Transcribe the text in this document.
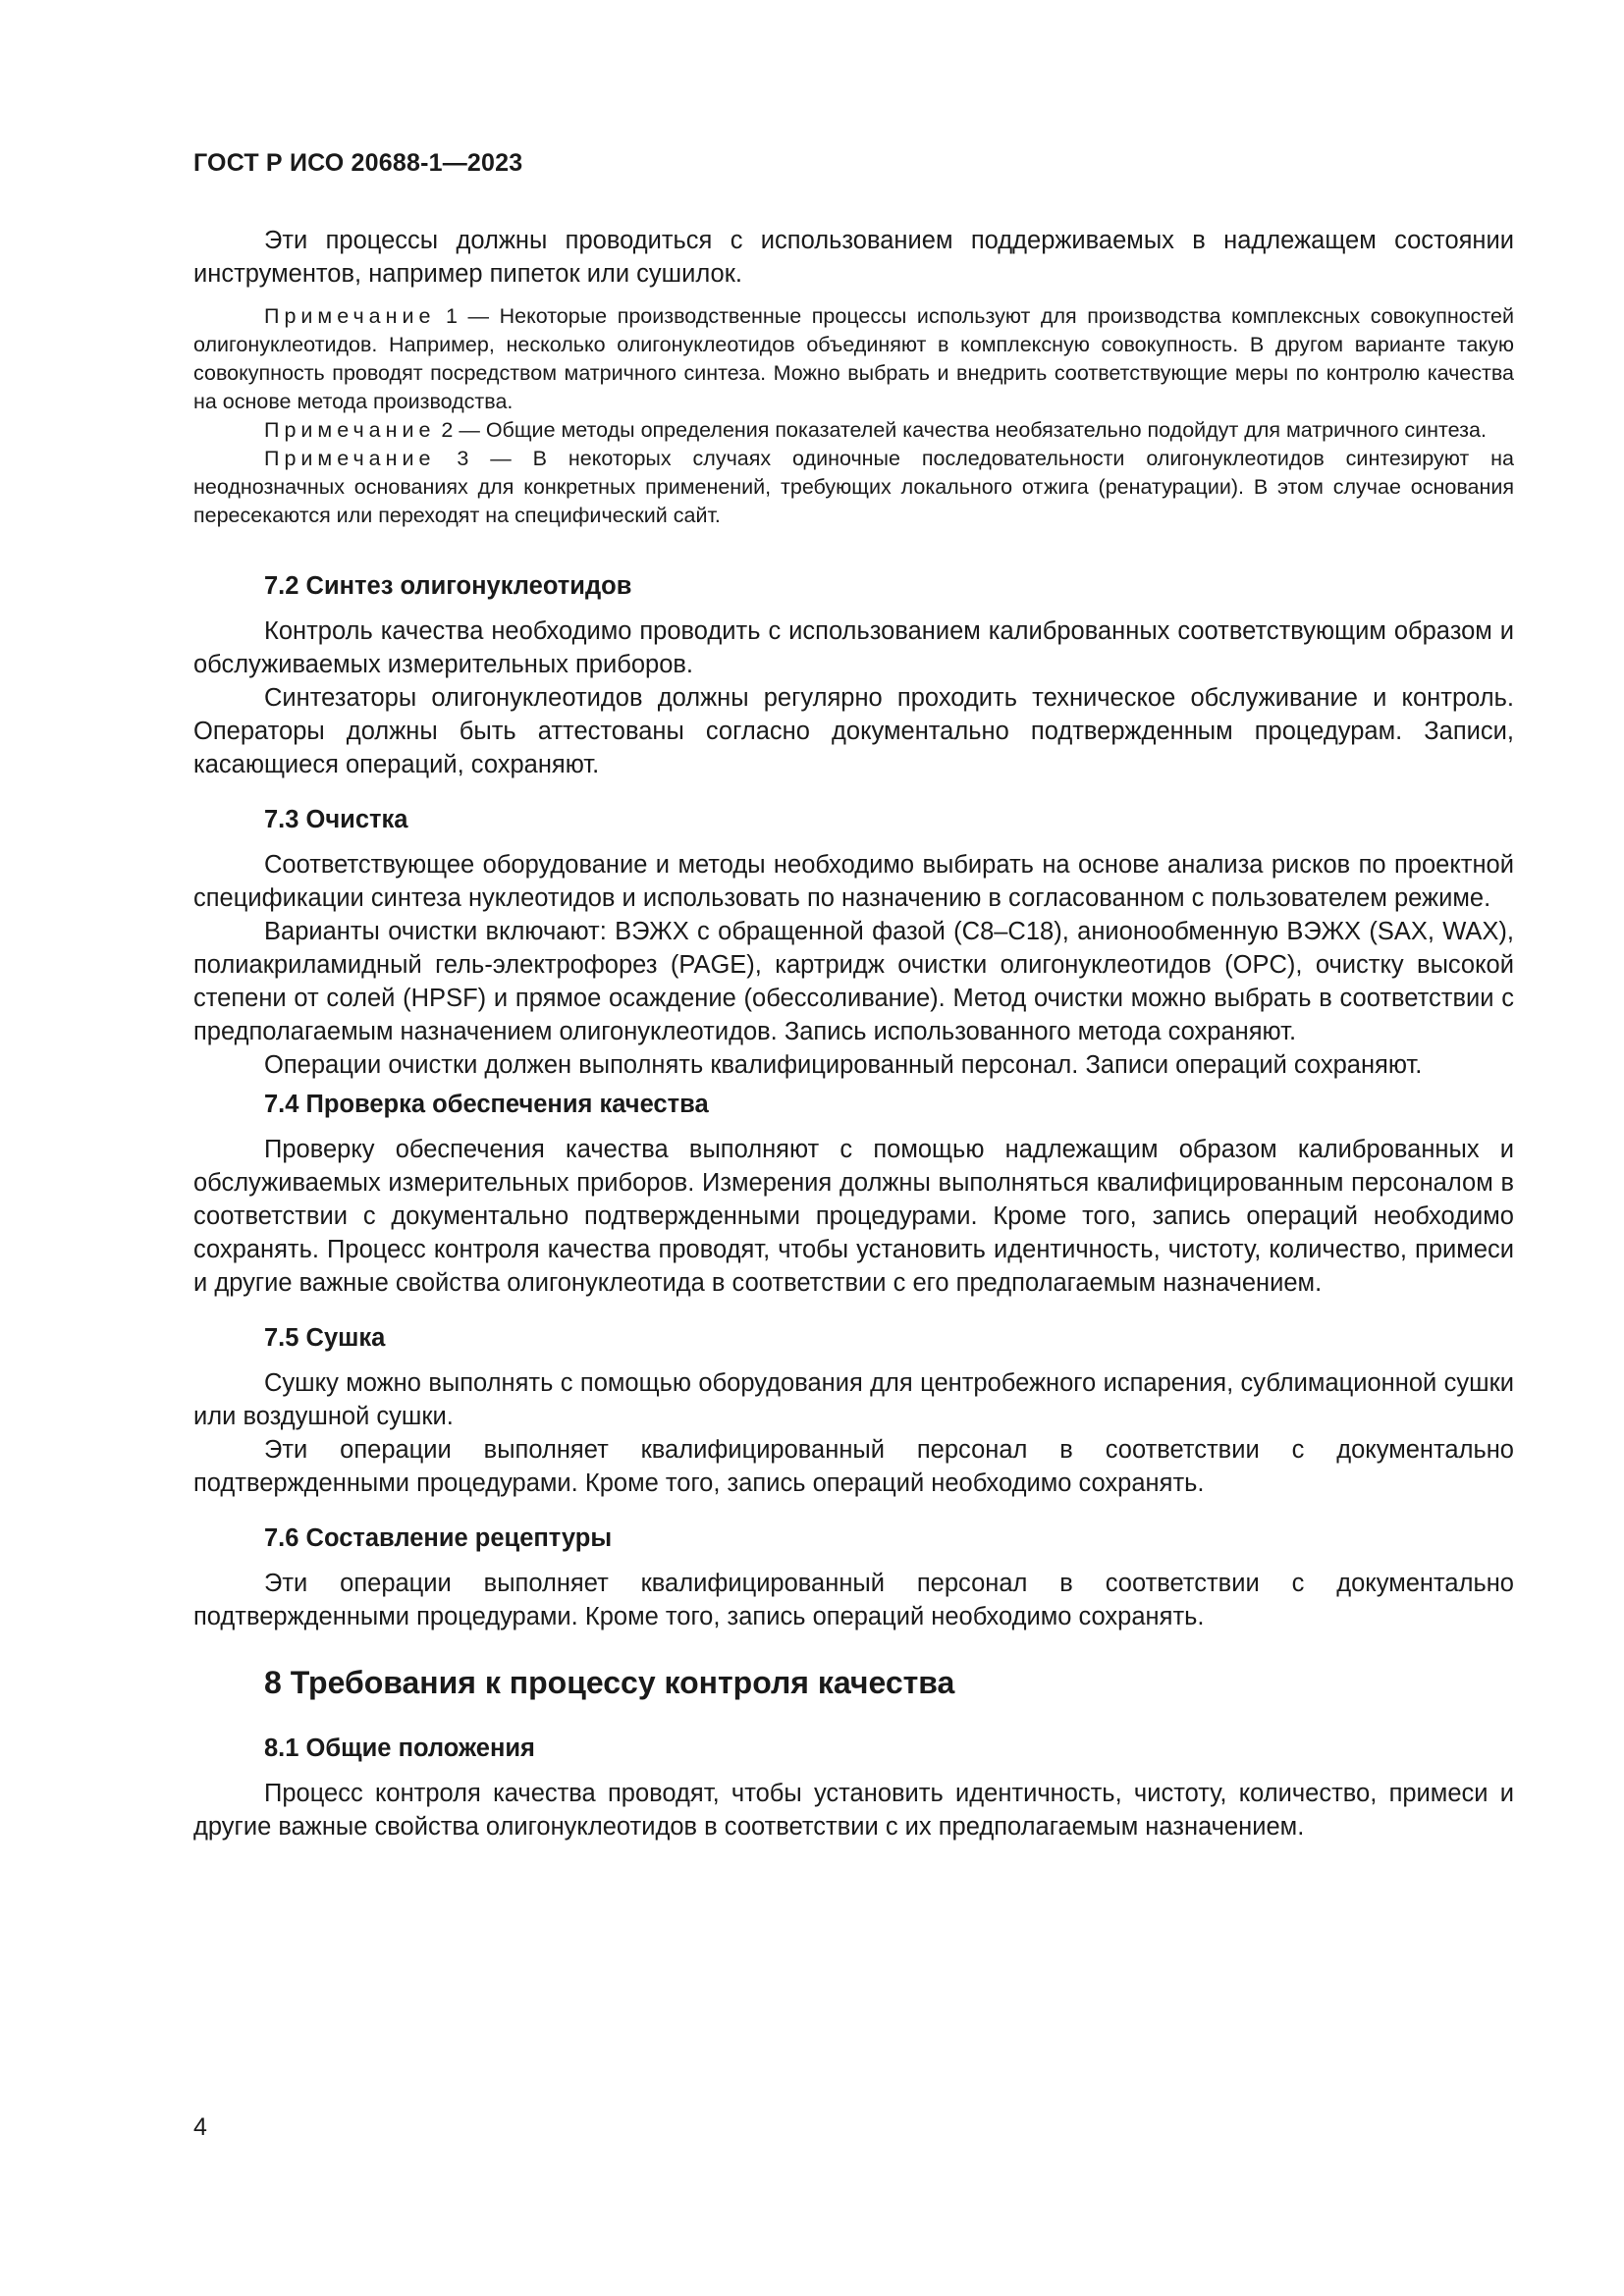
ГОСТ Р ИСО 20688-1—2023

Эти процессы должны проводиться с использованием поддерживаемых в надлежащем состоянии инструментов, например пипеток или сушилок.

Примечание 1 — Некоторые производственные процессы используют для производства комплексных совокупностей олигонуклеотидов. Например, несколько олигонуклеотидов объединяют в комплексную совокупность. В другом варианте такую совокупность проводят посредством матричного синтеза. Можно выбрать и внедрить соответствующие меры по контролю качества на основе метода производства.

Примечание 2 — Общие методы определения показателей качества необязательно подойдут для матричного синтеза.

Примечание 3 — В некоторых случаях одиночные последовательности олигонуклеотидов синтезируют на неоднозначных основаниях для конкретных применений, требующих локального отжига (ренатурации). В этом случае основания пересекаются или переходят на специфический сайт.

7.2 Синтез олигонуклеотидов

Контроль качества необходимо проводить с использованием калиброванных соответствующим образом и обслуживаемых измерительных приборов.

Синтезаторы олигонуклеотидов должны регулярно проходить техническое обслуживание и контроль. Операторы должны быть аттестованы согласно документально подтвержденным процедурам. Записи, касающиеся операций, сохраняют.

7.3 Очистка

Соответствующее оборудование и методы необходимо выбирать на основе анализа рисков по проектной спецификации синтеза нуклеотидов и использовать по назначению в согласованном с пользователем режиме.

Варианты очистки включают: ВЭЖХ с обращенной фазой (С8–С18), анионообменную ВЭЖХ (SAX, WAX), полиакриламидный гель-электрофорез (PAGE), картридж очистки олигонуклеотидов (OPC), очистку высокой степени от солей (HPSF) и прямое осаждение (обессоливание). Метод очистки можно выбрать в соответствии с предполагаемым назначением олигонуклеотидов. Запись использованного метода сохраняют.

Операции очистки должен выполнять квалифицированный персонал. Записи операций сохраняют.

7.4 Проверка обеспечения качества

Проверку обеспечения качества выполняют с помощью надлежащим образом калиброванных и обслуживаемых измерительных приборов. Измерения должны выполняться квалифицированным персоналом в соответствии с документально подтвержденными процедурами. Кроме того, запись операций необходимо сохранять. Процесс контроля качества проводят, чтобы установить идентичность, чистоту, количество, примеси и другие важные свойства олигонуклеотида в соответствии с его предполагаемым назначением.

7.5 Сушка

Сушку можно выполнять с помощью оборудования для центробежного испарения, сублимационной сушки или воздушной сушки.

Эти операции выполняет квалифицированный персонал в соответствии с документально подтвержденными процедурами. Кроме того, запись операций необходимо сохранять.

7.6 Составление рецептуры

Эти операции выполняет квалифицированный персонал в соответствии с документально подтвержденными процедурами. Кроме того, запись операций необходимо сохранять.

8 Требования к процессу контроля качества
8.1 Общие положения

Процесс контроля качества проводят, чтобы установить идентичность, чистоту, количество, примеси и другие важные свойства олигонуклеотидов в соответствии с их предполагаемым назначением.

4
